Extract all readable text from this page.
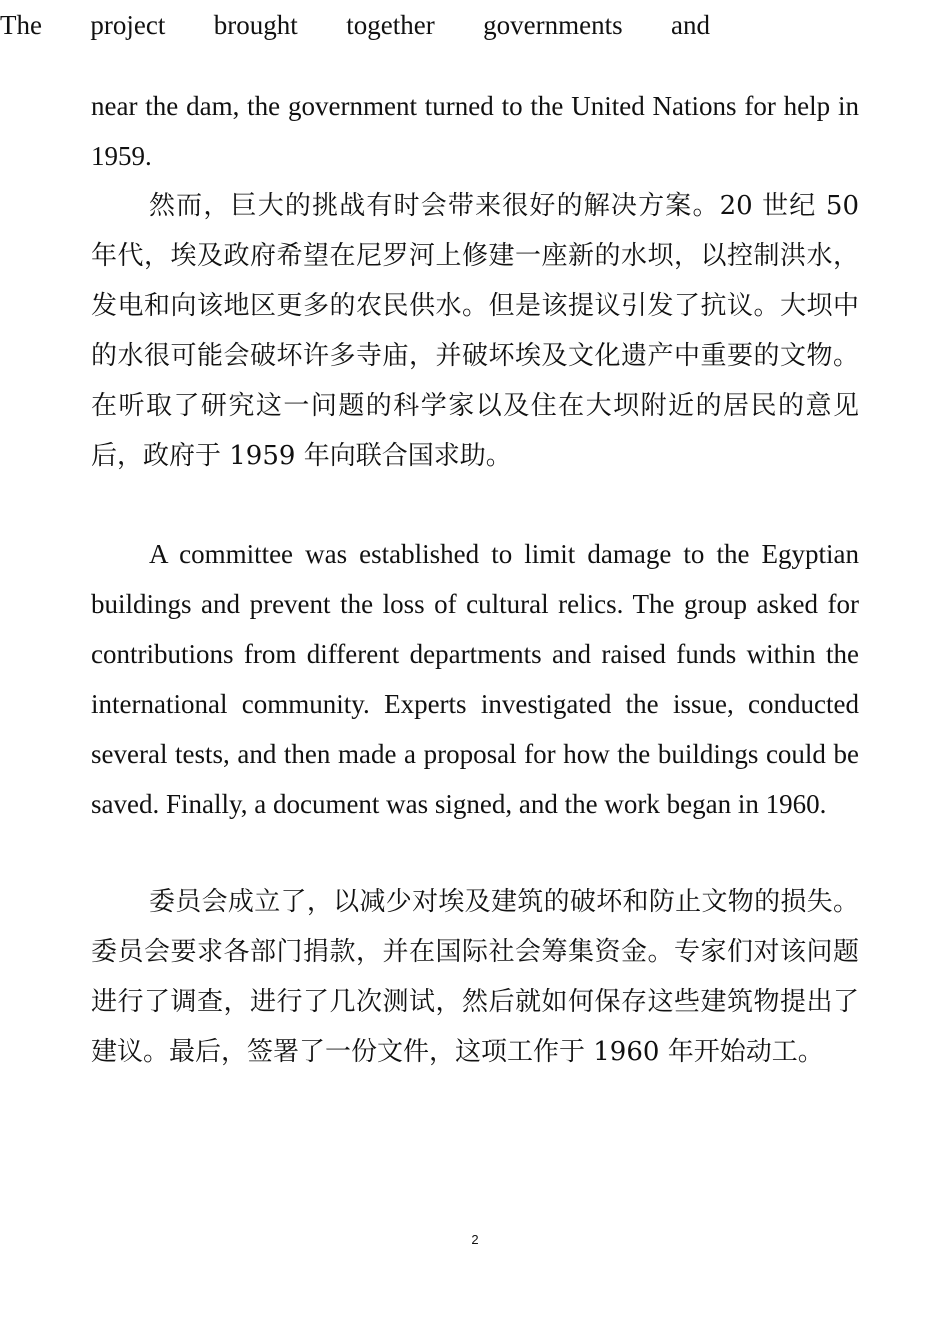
near the dam, the government turned to the United Nations for help in 1959.
然而，巨大的挑战有时会带来很好的解决方案。20 世纪 50 年代，埃及政府希望在尼罗河上修建一座新的水坝，以控制洪水，发电和向该地区更多的农民供水。但是该提议引发了抗议。大坝中的水很可能会破坏许多寺庙，并破坏埃及文化遗产中重要的文物。在听取了研究这一问题的科学家以及住在大坝附近的居民的意见后，政府于 1959 年向联合国求助。
A committee was established to limit damage to the Egyptian buildings and prevent the loss of cultural relics. The group asked for contributions from different departments and raised funds within the international community. Experts investigated the issue, conducted several tests, and then made a proposal for how the buildings could be saved. Finally, a document was signed, and the work began in 1960.
委员会成立了，以减少对埃及建筑的破坏和防止文物的损失。委员会要求各部门捐款，并在国际社会筹集资金。专家们对该问题进行了调查，进行了几次测试，然后就如何保存这些建筑物提出了建议。最后，签署了一份文件，这项工作于 1960 年开始动工。
The project brought together governments and
2
